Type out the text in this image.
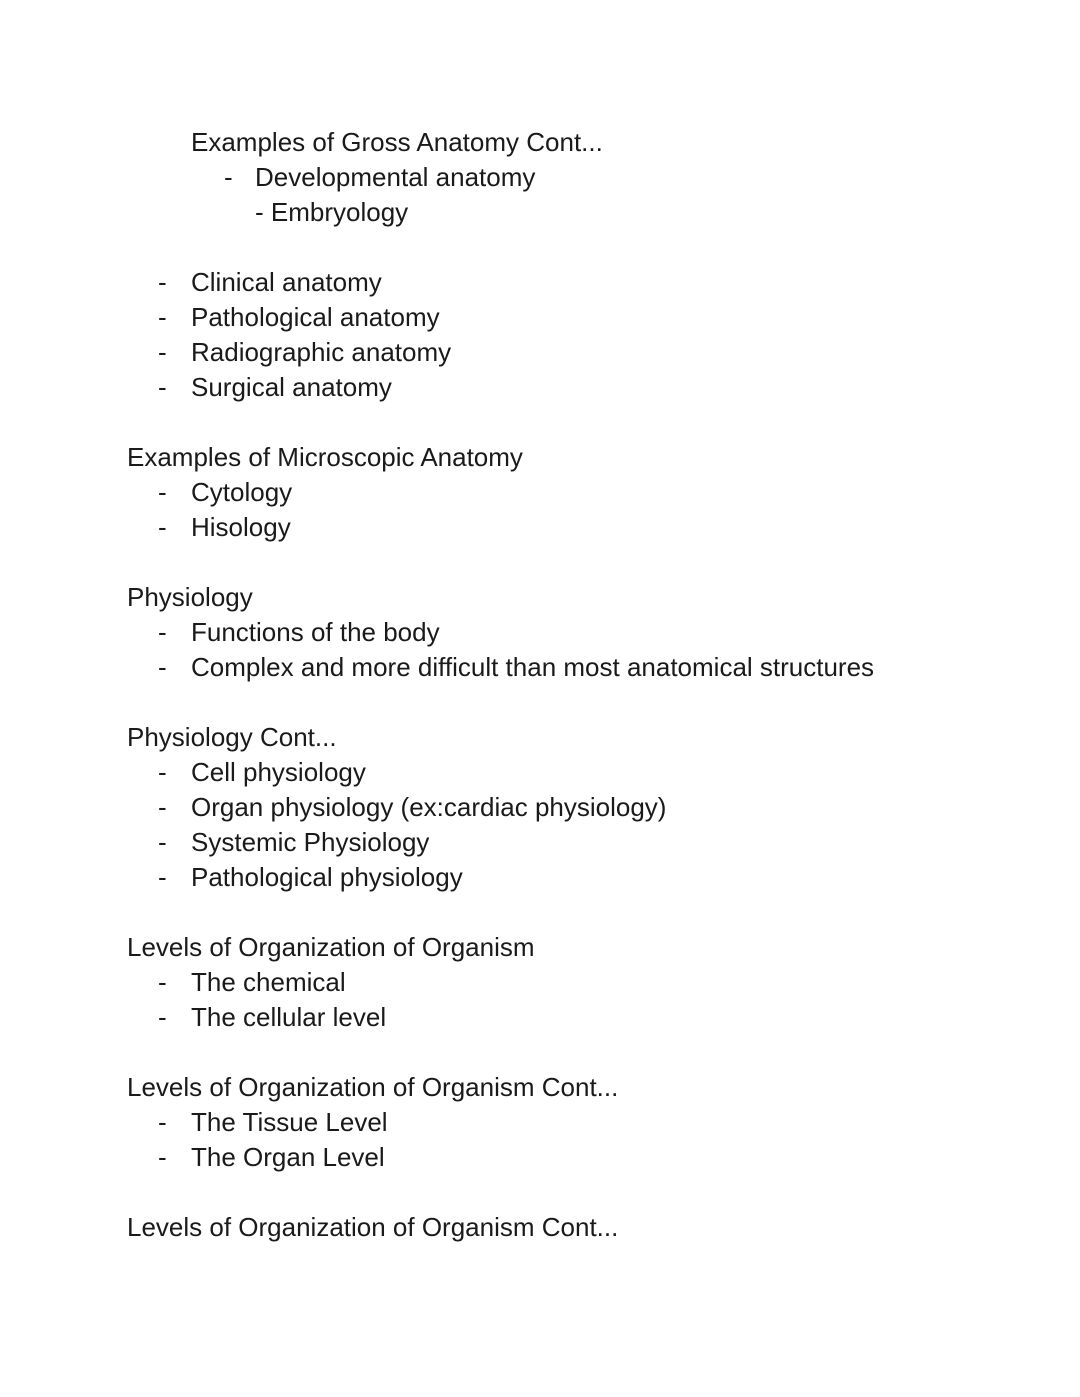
Examples of Gross Anatomy Cont...
- Developmental anatomy
- Embryology
- Clinical anatomy
- Pathological anatomy
- Radiographic anatomy
- Surgical anatomy
Examples of Microscopic Anatomy
- Cytology
- Hisology
Physiology
- Functions of the body
- Complex and more difficult than most anatomical structures
Physiology Cont...
- Cell physiology
- Organ physiology (ex:cardiac physiology)
- Systemic Physiology
- Pathological physiology
Levels of Organization of Organism
- The chemical
- The cellular level
Levels of Organization of Organism Cont...
- The Tissue Level
- The Organ Level
Levels of Organization of Organism Cont...
